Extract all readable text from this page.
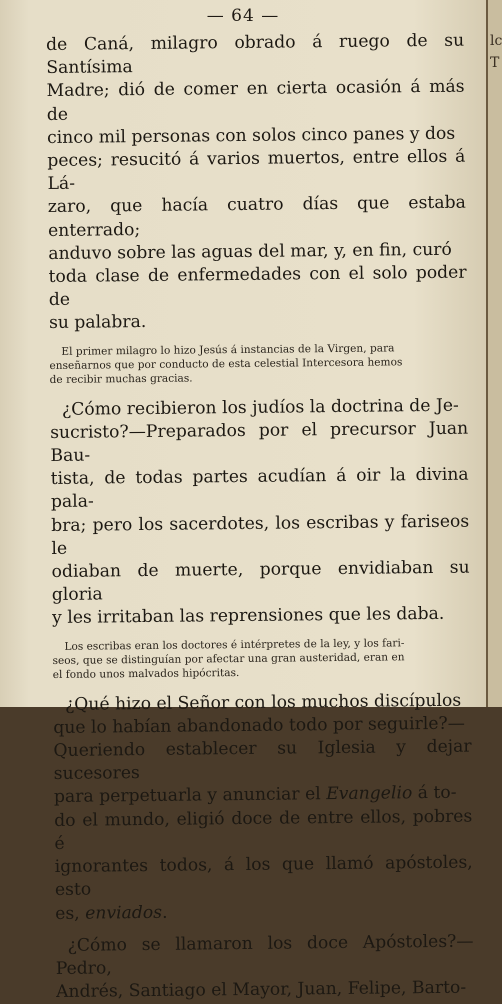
— 64 —

de Caná, milagro obrado á ruego de su Santísima
Madre; dió de comer en cierta ocasión á más de
cinco mil personas con solos cinco panes y dos
peces; resucitó á varios muertos, entre ellos á Lá-
zaro, que hacía cuatro días que estaba enterrado;
anduvo sobre las aguas del mar, y, en fin, curó
toda clase de enfermedades con el solo poder de
su palabra.

El primer milagro lo hizo Jesús á instancias de la Virgen, para
enseñarnos que por conducto de esta celestial Intercesora hemos
de recibir muchas gracias.

¿Cómo recibieron los judíos la doctrina de Je-
sucristo?—Preparados por el precursor Juan Bau-
tista, de todas partes acudían á oir la divina pala-
bra; pero los sacerdotes, los escribas y fariseos le
odiaban de muerte, porque envidiaban su gloria
y les irritaban las reprensiones que les daba.

Los escribas eran los doctores é intérpretes de la ley, y los fari-
seos, que se distinguían por afectar una gran austeridad, eran en
el fondo unos malvados hipócritas.

¿Qué hizo el Señor con los muchos discípulos
que lo habían abandonado todo por seguirle?—
Queriendo establecer su Iglesia y dejar sucesores
para perpetuarla y anunciar el Evangelio á to-
do el mundo, eligió doce de entre ellos, pobres é
ignorantes todos, á los que llamó apóstoles, esto
es, enviados.

¿Cómo se llamaron los doce Apóstoles?—Pedro,
Andrés, Santiago el Mayor, Juan, Felipe, Barto-

lc
T
